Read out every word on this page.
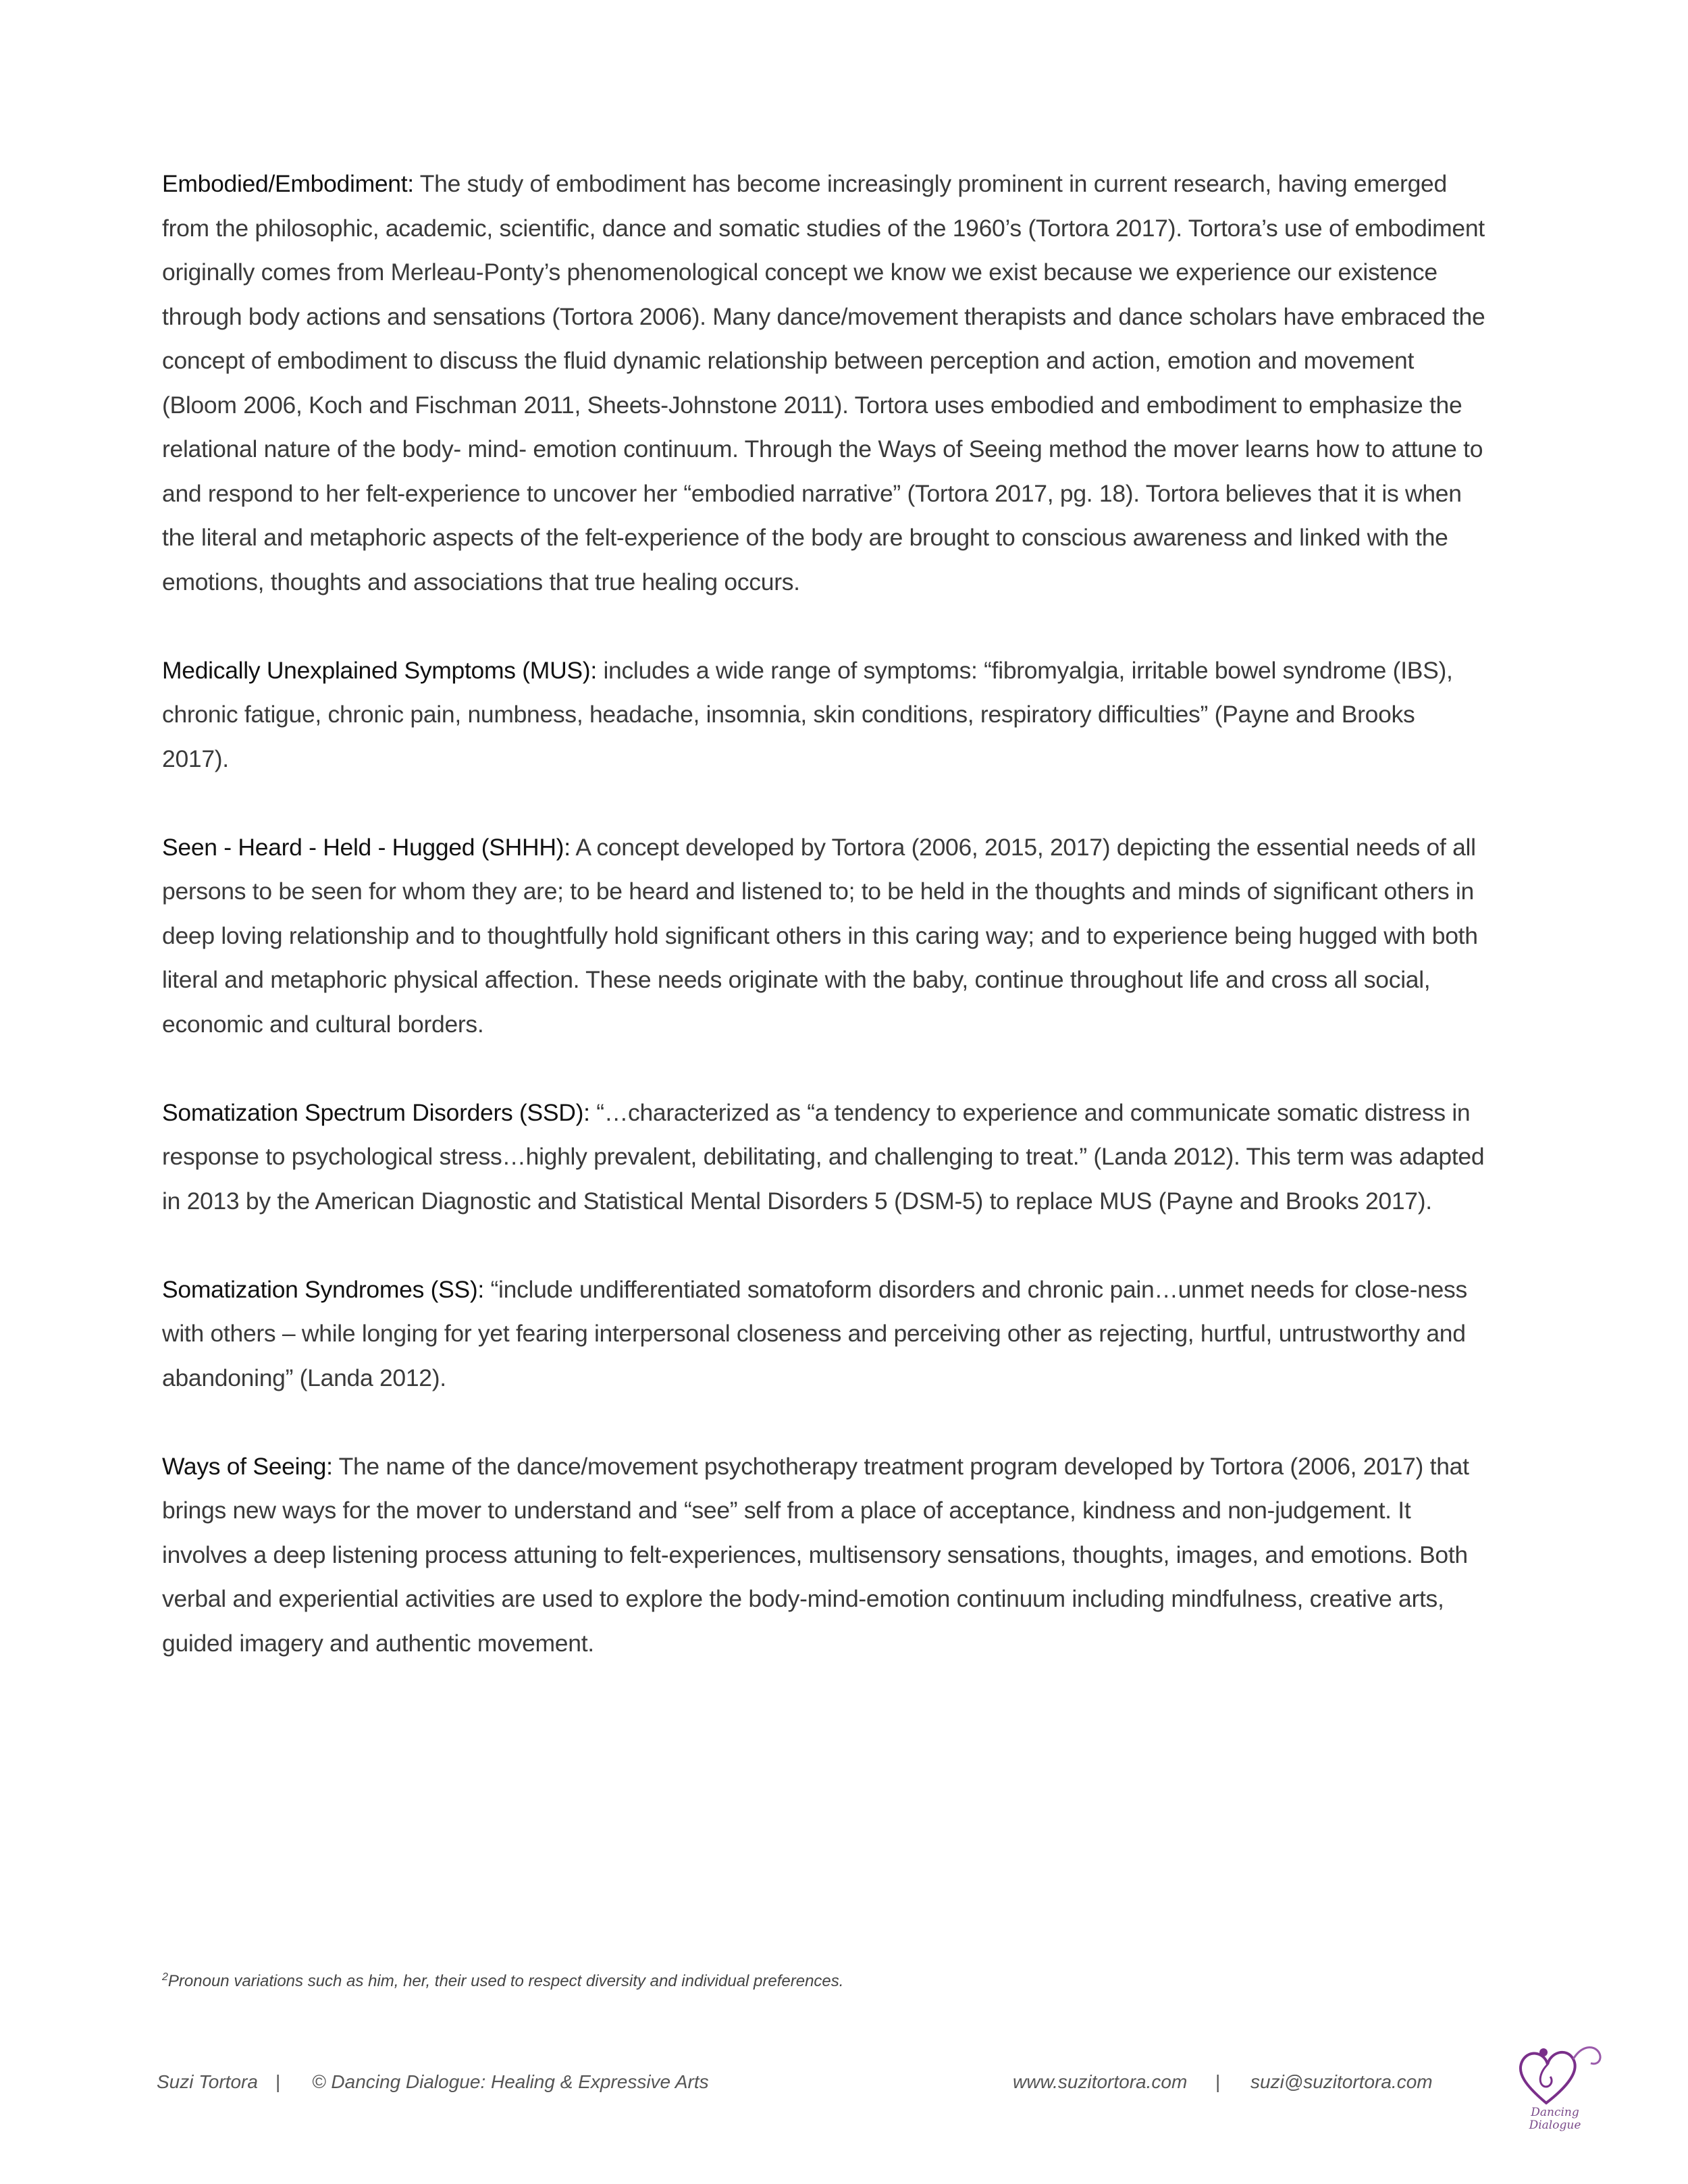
Embodied/Embodiment: The study of embodiment has become increasingly prominent in current research, having emerged from the philosophic, academic, scientific, dance and somatic studies of the 1960’s (Tortora 2017). Tortora’s use of embodiment originally comes from Merleau-Ponty’s phenomenological concept we know we exist because we experience our existence through body actions and sensations (Tortora 2006). Many dance/movement therapists and dance scholars have embraced the concept of embodiment to discuss the fluid dynamic relationship between perception and action, emotion and movement (Bloom 2006, Koch and Fischman 2011, Sheets-Johnstone 2011). Tortora uses embodied and embodiment to emphasize the relational nature of the body- mind- emotion continuum. Through the Ways of Seeing method the mover learns how to attune to and respond to her felt-experience to uncover her “embodied narrative” (Tortora 2017, pg. 18). Tortora believes that it is when the literal and metaphoric aspects of the felt-experience of the body are brought to conscious awareness and linked with the emotions, thoughts and associations that true healing occurs.

Medically Unexplained Symptoms (MUS): includes a wide range of symptoms: “fibromyalgia, irritable bowel syndrome (IBS), chronic fatigue, chronic pain, numbness, headache, insomnia, skin conditions, respiratory difficulties” (Payne and Brooks 2017).

Seen - Heard - Held - Hugged (SHHH): A concept developed by Tortora (2006, 2015, 2017) depicting the essential needs of all persons to be seen for whom they are; to be heard and listened to; to be held in the thoughts and minds of significant others in deep loving relationship and to thoughtfully hold significant others in this caring way; and to experience being hugged with both literal and metaphoric physical affection. These needs originate with the baby, continue throughout life and cross all social, economic and cultural borders.

Somatization Spectrum Disorders (SSD): “…characterized as “a tendency to experience and communicate somatic distress in response to psychological stress…highly prevalent, debilitating, and challenging to treat.” (Landa 2012). This term was adapted in 2013 by the American Diagnostic and Statistical Mental Disorders 5 (DSM-5) to replace MUS (Payne and Brooks 2017).

Somatization Syndromes (SS): “include undifferentiated somatoform disorders and chronic pain…unmet needs for close-ness with others – while longing for yet fearing interpersonal closeness and perceiving other as rejecting, hurtful, untrustworthy and abandoning” (Landa 2012).

Ways of Seeing: The name of the dance/movement psychotherapy treatment program developed by Tortora (2006, 2017) that brings new ways for the mover to understand and “see” self from a place of acceptance, kindness and non-judgement. It involves a deep listening process attuning to felt-experiences, multisensory sensations, thoughts, images, and emotions. Both verbal and experiential activities are used to explore the body-mind-emotion continuum including mindfulness, creative arts, guided imagery and authentic movement.

$^2$Pronoun variations such as him, her, their used to respect diversity and individual preferences.
Suzi Tortora | © Dancing Dialogue: Healing & Expressive Arts	www.suzitortora.com | suzi@suzitortora.com
Dancing
Dialogue
